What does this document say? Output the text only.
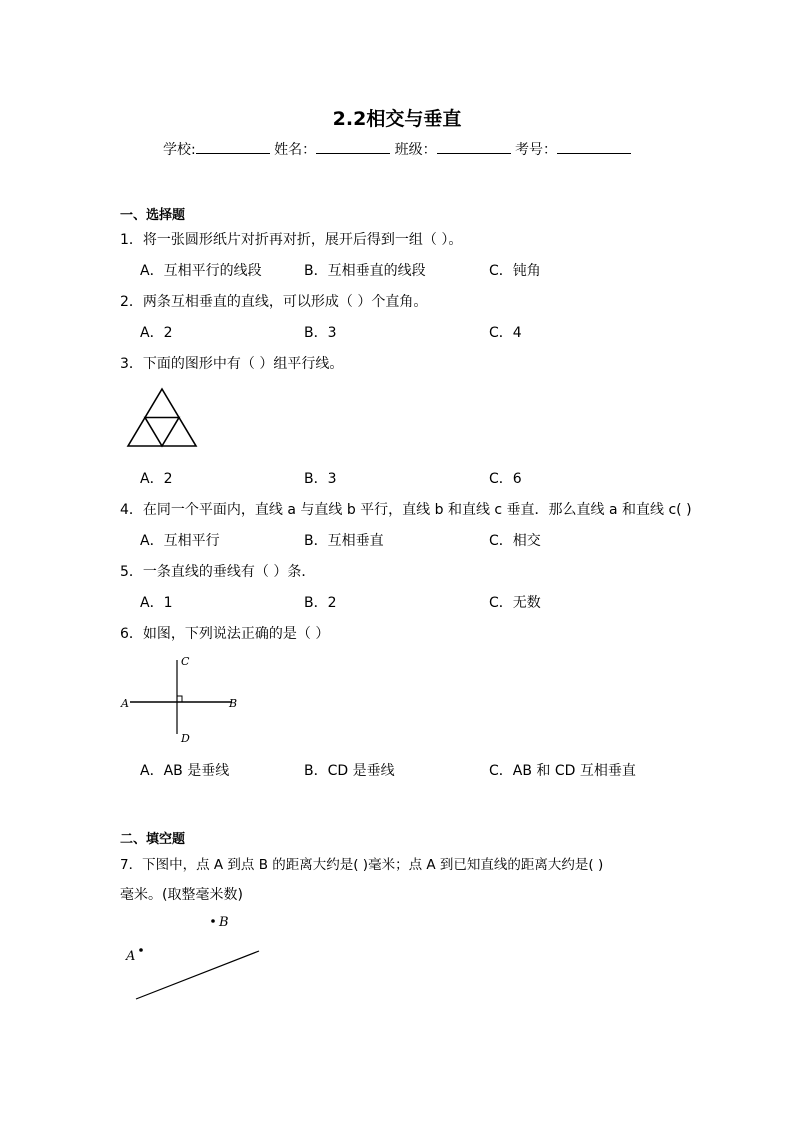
2.2相交与垂直
学校:	姓名：	班级：	考号：
一、选择题
1．将一张圆形纸片对折再对折，展开后得到一组（ ）。
A．互相平行的线段	B．互相垂直的线段	C．钝角
2．两条互相垂直的直线，可以形成（ ）个直角。
A．2	B．3	C．4
3．下面的图形中有（ ）组平行线。
A．2	B．3	C．6
4．在同一个平面内，直线 a 与直线 b 平行，直线 b 和直线 c 垂直．那么直线 a 和直线 c( )
A．互相平行	B．互相垂直	C．相交
5．一条直线的垂线有（ ）条．
A．1	B．2	C．无数
6．如图，下列说法正确的是（ ）
A	B
C
D
A．AB 是垂线	B．CD 是垂线	C．AB 和 CD 互相垂直
二、填空题
7．下图中，点 A 到点 B 的距离大约是( )毫米；点 A 到已知直线的距离大约是( )
毫米。(取整毫米数)
B
A
